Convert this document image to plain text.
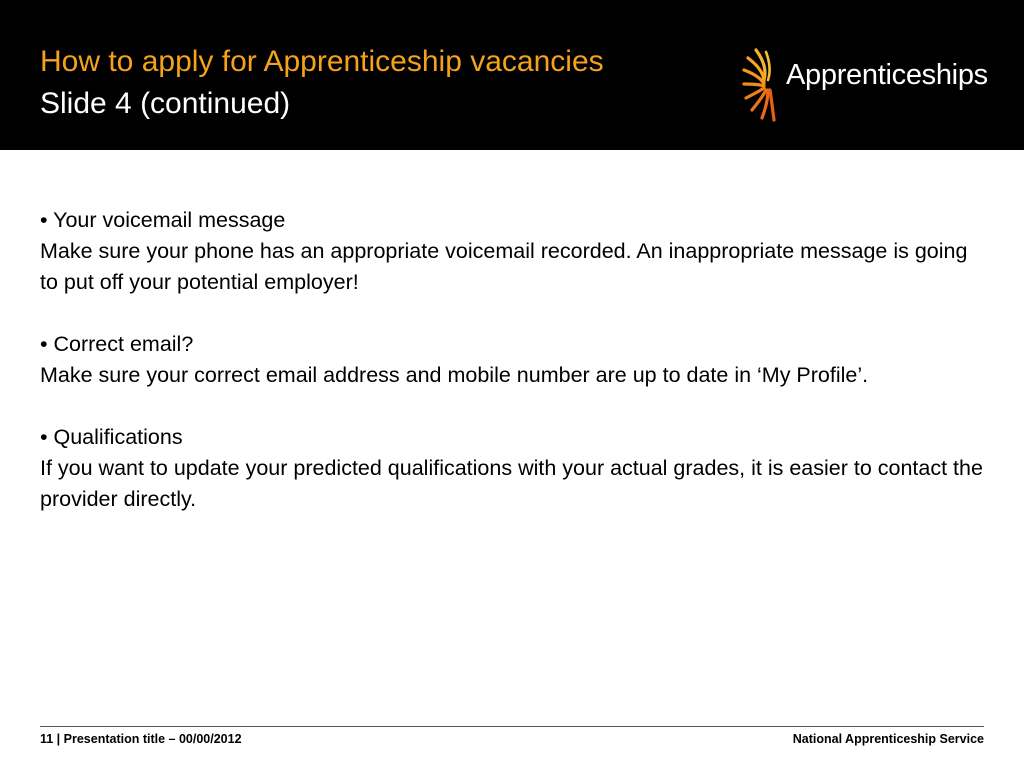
How to apply for Apprenticeship vacancies
Slide 4 (continued)
Apprenticeships
• Your voicemail message
Make sure your phone has an appropriate voicemail recorded. An inappropriate message is going to put off your potential employer!
• Correct email?
Make sure your correct email address and mobile number are up to date in ‘My Profile’.
• Qualifications
If you want to update your predicted qualifications with your actual grades, it is easier to contact the provider directly.
11 | Presentation title – 00/00/2012	National Apprenticeship Service
